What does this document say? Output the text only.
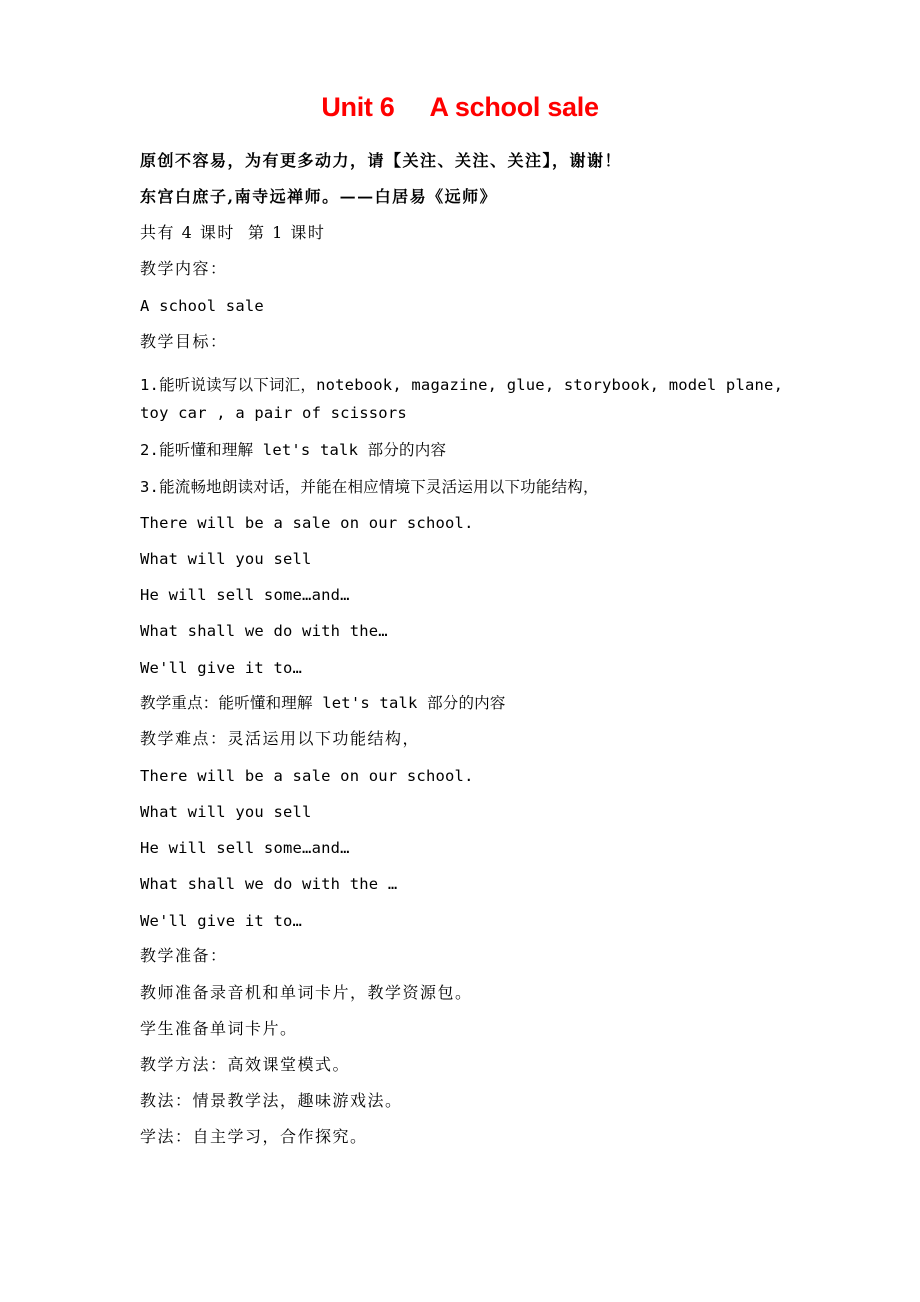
Unit 6     A school sale
原创不容易，为有更多动力，请【关注、关注、关注】，谢谢！
东宫白庶子,南寺远禅师。——白居易《远师》
共有 4 课时  第 1 课时
教学内容：
A school sale
教学目标：
1.能听说读写以下词汇，notebook, magazine, glue, storybook, model plane,
toy car , a pair of scissors
2.能听懂和理解 let's talk 部分的内容
3.能流畅地朗读对话，并能在相应情境下灵活运用以下功能结构，
There will be a sale on our school.
What will you sell
He will sell some…and…
What shall we do with the…
We'll give it to…
教学重点：能听懂和理解 let's talk 部分的内容
教学难点：灵活运用以下功能结构，
There will be a sale on our school.
What will you sell
He will sell some…and…
What shall we do with the …
We'll give it to…
教学准备：
教师准备录音机和单词卡片，教学资源包。
学生准备单词卡片。
教学方法：高效课堂模式。
教法：情景教学法，趣味游戏法。
学法：自主学习，合作探究。
